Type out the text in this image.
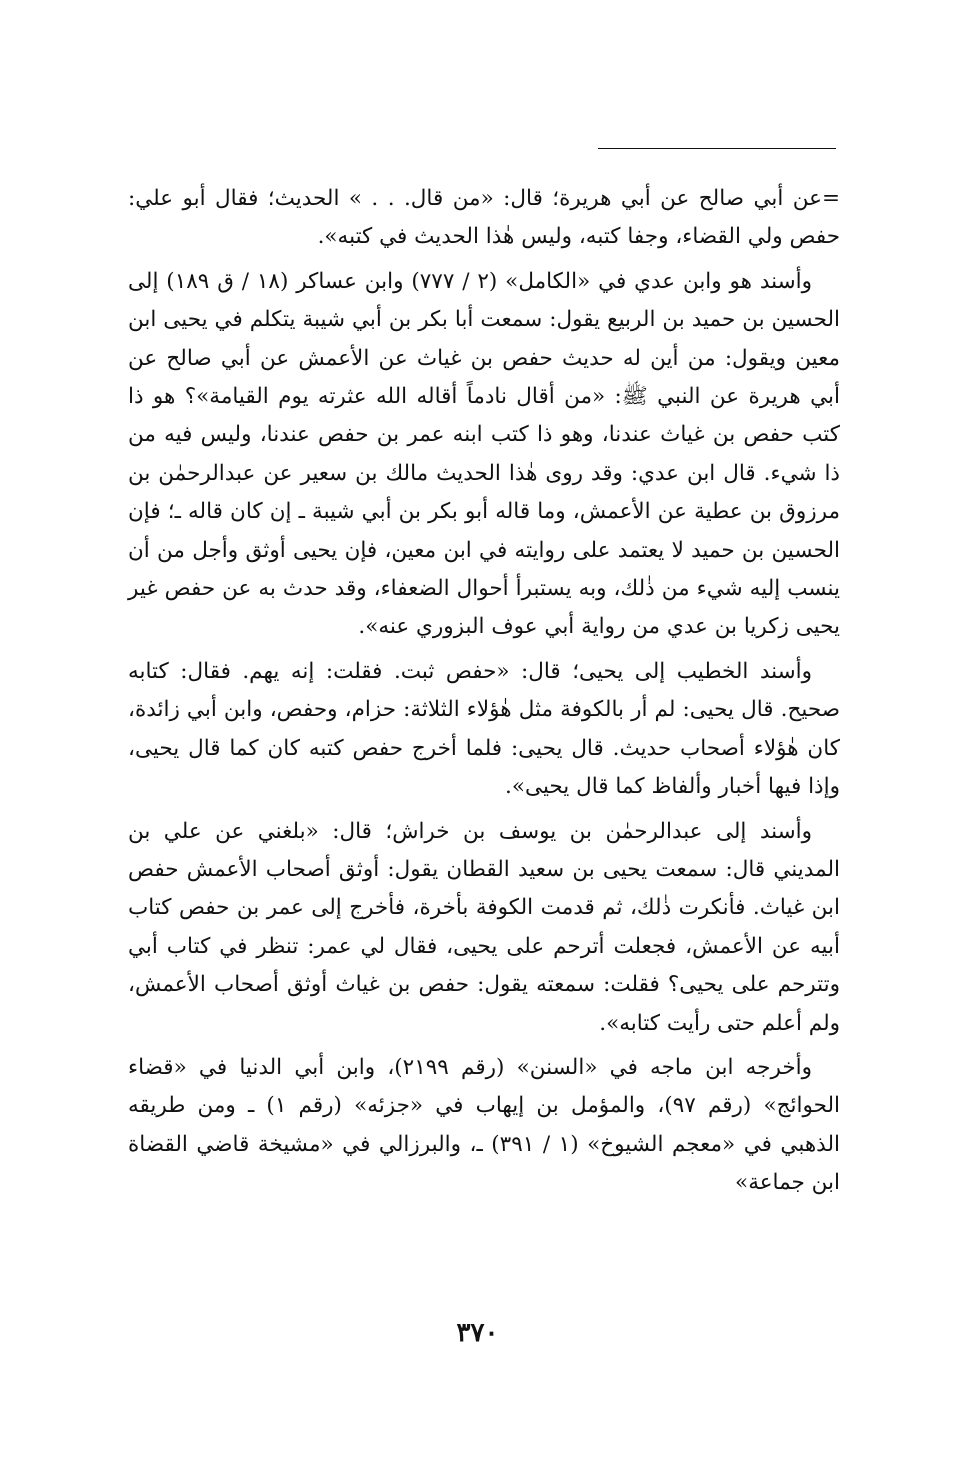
=عن أبي صالح عن أبي هريرة؛ قال: «من قال. . . » الحديث؛ فقال أبو علي: حفص ولي القضاء، وجفا كتبه، وليس هٰذا الحديث في كتبه».

وأسند هو وابن عدي في «الكامل» (٢ / ٧٧٧) وابن عساكر (١٨ / ق ١٨٩) إلى الحسين بن حميد بن الربيع يقول: سمعت أبا بكر بن أبي شيبة يتكلم في يحيى ابن معين ويقول: من أين له حديث حفص بن غياث عن الأعمش عن أبي صالح عن أبي هريرة عن النبي ﷺ: «من أقال نادماً أقاله الله عثرته يوم القيامة»؟ هو ذا كتب حفص بن غياث عندنا، وهو ذا كتب ابنه عمر بن حفص عندنا، وليس فيه من ذا شيء. قال ابن عدي: وقد روى هٰذا الحديث مالك بن سعير عن عبدالرحمٰن بن مرزوق بن عطية عن الأعمش، وما قاله أبو بكر بن أبي شيبة ـ إن كان قاله ـ؛ فإن الحسين بن حميد لا يعتمد على روايته في ابن معين، فإن يحيى أوثق وأجل من أن ينسب إليه شيء من ذٰلك، وبه يستبرأ أحوال الضعفاء، وقد حدث به عن حفص غير يحيى زكريا بن عدي من رواية أبي عوف البزوري عنه».

وأسند الخطيب إلى يحيى؛ قال: «حفص ثبت. فقلت: إنه يهم. فقال: كتابه صحيح. قال يحيى: لم أر بالكوفة مثل هٰؤلاء الثلاثة: حزام، وحفص، وابن أبي زائدة، كان هٰؤلاء أصحاب حديث. قال يحيى: فلما أخرج حفص كتبه كان كما قال يحيى، وإذا فيها أخبار وألفاظ كما قال يحيى».

وأسند إلى عبدالرحمٰن بن يوسف بن خراش؛ قال: «بلغني عن علي بن المديني قال: سمعت يحيى بن سعيد القطان يقول: أوثق أصحاب الأعمش حفص ابن غياث. فأنكرت ذٰلك، ثم قدمت الكوفة بأخرة، فأخرج إلى عمر بن حفص كتاب أبيه عن الأعمش، فجعلت أترحم على يحيى، فقال لي عمر: تنظر في كتاب أبي وتترحم على يحيى؟ فقلت: سمعته يقول: حفص بن غياث أوثق أصحاب الأعمش، ولم أعلم حتى رأيت كتابه».

وأخرجه ابن ماجه في «السنن» (رقم ٢١٩٩)، وابن أبي الدنيا في «قضاء الحوائج» (رقم ٩٧)، والمؤمل بن إيهاب في «جزئه» (رقم ١) ـ ومن طريقه الذهبي في «معجم الشيوخ» (١ / ٣٩١) ـ، والبرزالي في «مشيخة قاضي القضاة ابن جماعة»

٣٧٠
